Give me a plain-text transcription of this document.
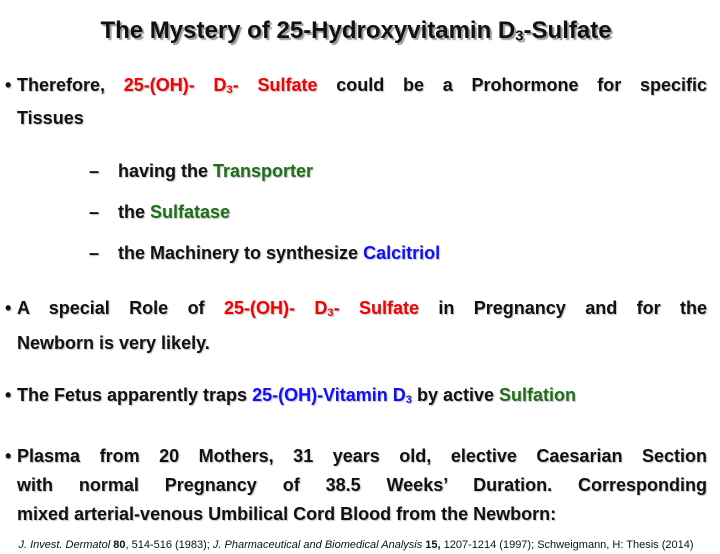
The Mystery of 25-Hydroxyvitamin D3-Sulfate
• Therefore, 25-(OH)- D3- Sulfate could be a Prohormone for specific
Tissues
–	having the Transporter
–	the Sulfatase
–	the Machinery to synthesize Calcitriol
• A special Role of 25-(OH)- D3- Sulfate in Pregnancy and for the
Newborn is very likely.
• The Fetus apparently traps 25-(OH)-Vitamin D3 by active Sulfation
• Plasma from 20 Mothers, 31 years old, elective Caesarian Section
with normal Pregnancy of 38.5 Weeks’ Duration. Corresponding
mixed arterial-venous Umbilical Cord Blood from the Newborn:
J. Invest. Dermatol 80, 514-516 (1983); J. Pharmaceutical and Biomedical Analysis 15, 1207-1214 (1997); Schweigmann, H: Thesis (2014)
